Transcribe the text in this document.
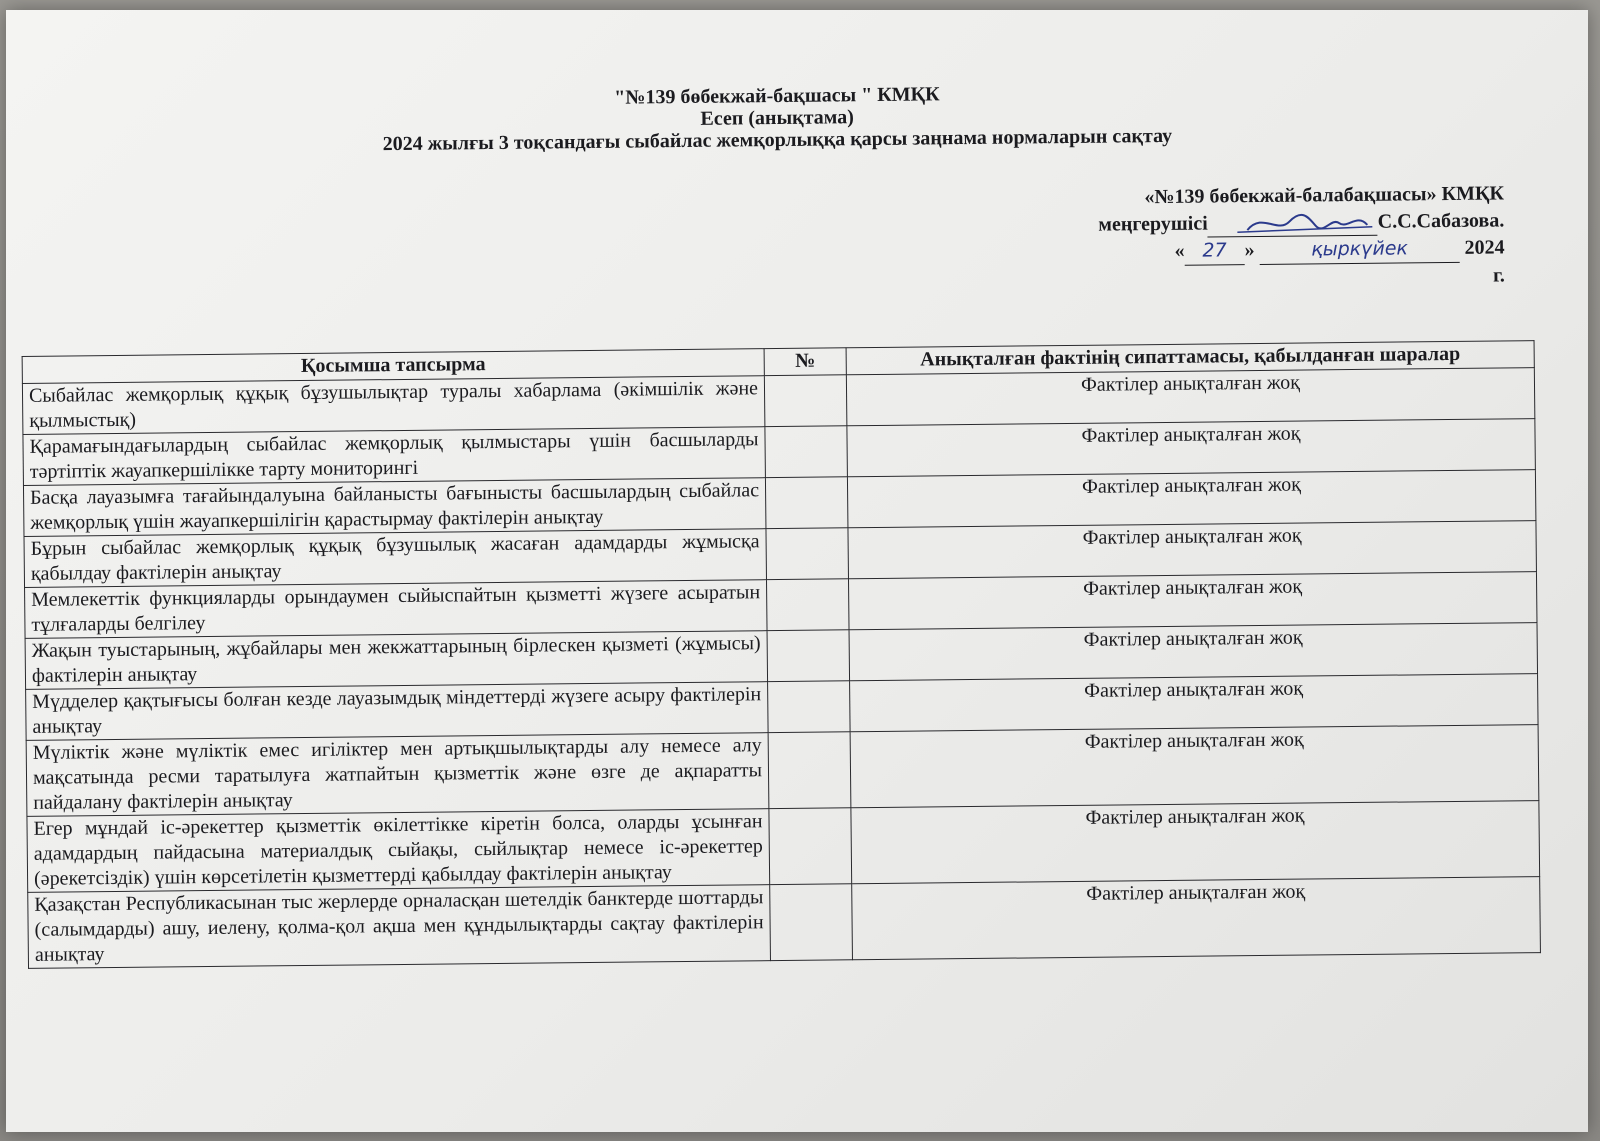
"№139 бөбекжай-бақшасы " КМҚК
Есеп (анықтама)
2024 жылғы 3 тоқсандағы сыбайлас жемқорлыққа қарсы заңнама нормаларын сақтау
«№139 бөбекжай-балабақшасы» КМҚК
меңгерушісі	С.С.Сабазова.
« 27 »	қыркүйек	2024
г.
Қосымша тапсырма	№	Анықталған фактінің сипаттамасы, қабылданған шаралар
Сыбайлас жемқорлық құқық бұзушылықтар туралы хабарлама (әкімшілік және қылмыстық)		Фактілер анықталған жоқ
Қарамағындағылардың сыбайлас жемқорлық қылмыстары үшін басшыларды тәртіптік жауапкершілікке тарту мониторингі		Фактілер анықталған жоқ
Басқа лауазымға тағайындалуына байланысты бағынысты басшылардың сыбайлас жемқорлық үшін жауапкершілігін қарастырмау фактілерін анықтау		Фактілер анықталған жоқ
Бұрын сыбайлас жемқорлық құқық бұзушылық жасаған адамдарды жұмысқа қабылдау фактілерін анықтау		Фактілер анықталған жоқ
Мемлекеттік функцияларды орындаумен сыйыспайтын қызметті жүзеге асыратын тұлғаларды белгілеу		Фактілер анықталған жоқ
Жақын туыстарының, жұбайлары мен жекжаттарының бірлескен қызметі (жұмысы) фактілерін анықтау		Фактілер анықталған жоқ
Мүдделер қақтығысы болған кезде лауазымдық міндеттерді жүзеге асыру фактілерін анықтау		Фактілер анықталған жоқ
Мүліктік және мүліктік емес игіліктер мен артықшылықтарды алу немесе алу мақсатында ресми таратылуға жатпайтын қызметтік және өзге де ақпаратты пайдалану фактілерін анықтау		Фактілер анықталған жоқ
Егер мұндай іс-әрекеттер қызметтік өкілеттікке кіретін болса, оларды ұсынған адамдардың пайдасына материалдық сыйақы, сыйлықтар немесе іс-әрекеттер (әрекетсіздік) үшін көрсетілетін қызметтерді қабылдау фактілерін анықтау		Фактілер анықталған жоқ
Қазақстан Республикасынан тыс жерлерде орналасқан шетелдік банктерде шоттарды (салымдарды) ашу, иелену, қолма-қол ақша мен құндылықтарды сақтау фактілерін анықтау		Фактілер анықталған жоқ
